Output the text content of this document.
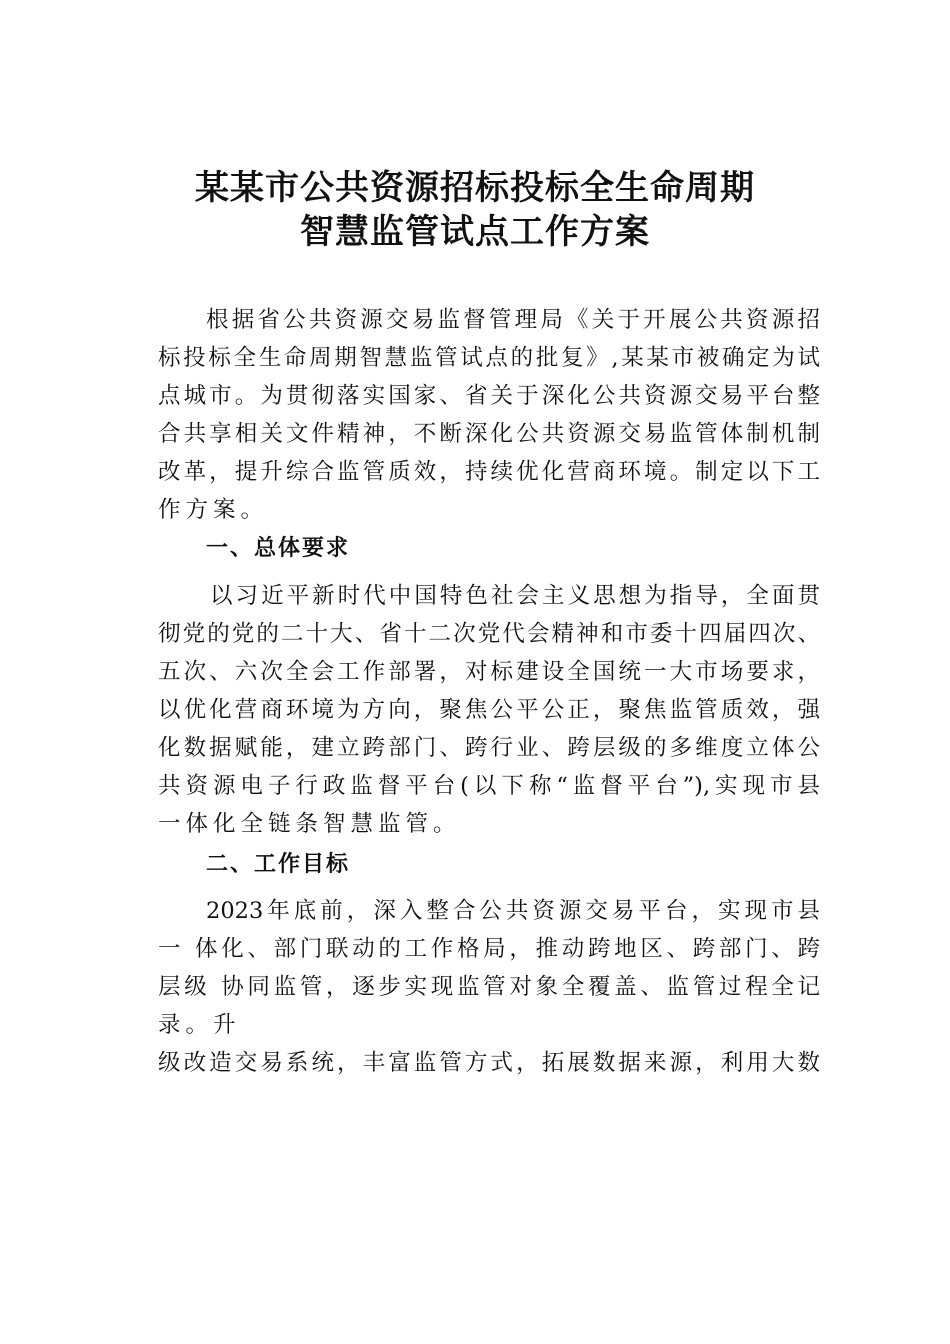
某某市公共资源招标投标全生命周期
智慧监管试点工作方案
根据省公共资源交易监督管理局《关于开展公共资源招
标投标全生命周期智慧监管试点的批复》,某某市被确定为试
点城市。为贯彻落实国家、省关于深化公共资源交易平台整
合共享相关文件精神，不断深化公共资源交易监管体制机制
改革，提升综合监管质效，持续优化营商环境。制定以下工
作方案。
一、总体要求
以习近平新时代中国特色社会主义思想为指导，全面贯
彻党的党的二十大、省十二次党代会精神和市委十四届四次、
五次、六次全会工作部署，对标建设全国统一大市场要求，
以优化营商环境为方向，聚焦公平公正，聚焦监管质效，强
化数据赋能，建立跨部门、跨行业、跨层级的多维度立体公
共资源电子行政监督平台(以下称“监督平台”),实现市县
一体化全链条智慧监管。
二、工作目标
2023年底前，深入整合公共资源交易平台，实现市县
一 体化、部门联动的工作格局，推动跨地区、跨部门、跨
层级 协同监管，逐步实现监管对象全覆盖、监管过程全记
录。升
级改造交易系统，丰富监管方式，拓展数据来源，利用大数
